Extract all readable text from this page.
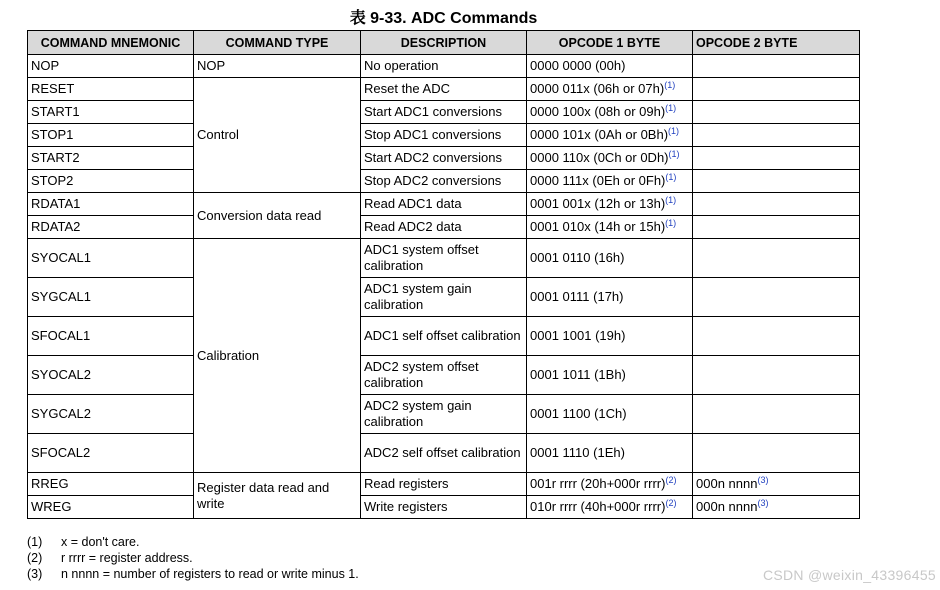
表 9-33. ADC Commands
COMMAND MNEMONIC	COMMAND TYPE	DESCRIPTION	OPCODE 1 BYTE	OPCODE 2 BYTE
NOP	NOP	No operation	0000 0000 (00h)	
RESET	Control	Reset the ADC	0000 011x (06h or 07h)$^{(1)}$	
START1		Start ADC1 conversions	0000 100x (08h or 09h)$^{(1)}$	
STOP1		Stop ADC1 conversions	0000 101x (0Ah or 0Bh)$^{(1)}$	
START2		Start ADC2 conversions	0000 110x (0Ch or 0Dh)$^{(1)}$	
STOP2		Stop ADC2 conversions	0000 111x (0Eh or 0Fh)$^{(1)}$	
RDATA1	Conversion data read	Read ADC1 data	0001 001x (12h or 13h)$^{(1)}$	
RDATA2		Read ADC2 data	0001 010x (14h or 15h)$^{(1)}$	
SYOCAL1	Calibration	ADC1 system offset calibration	0001 0110 (16h)	
SYGCAL1		ADC1 system gain calibration	0001 0111 (17h)	
SFOCAL1		ADC1 self offset calibration	0001 1001 (19h)	
SYOCAL2		ADC2 system offset calibration	0001 1011 (1Bh)	
SYGCAL2		ADC2 system gain calibration	0001 1100 (1Ch)	
SFOCAL2		ADC2 self offset calibration	0001 1110 (1Eh)	
RREG	Register data read and write	Read registers	001r rrrr (20h+000r rrrr)$^{(2)}$	000n nnnn$^{(3)}$
WREG		Write registers	010r rrrr (40h+000r rrrr)$^{(2)}$	000n nnnn$^{(3)}$
(1)	x = don't care.
(2)	r rrrr = register address.
(3)	n nnnn = number of registers to read or write minus 1.	CSDN @weixin_43396455
